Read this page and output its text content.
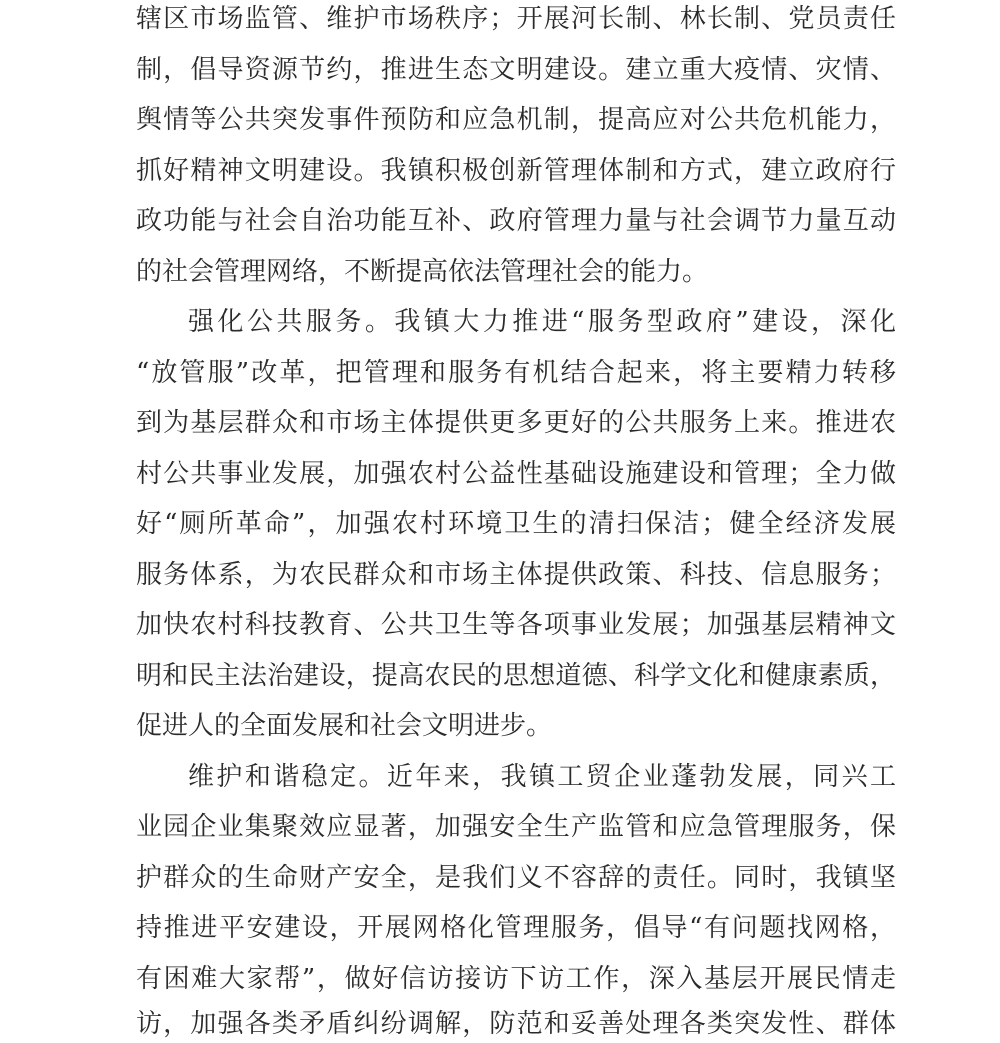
辖区市场监管、维护市场秩序；开展河长制、林长制、党员责任
制，倡导资源节约，推进生态文明建设。建立重大疫情、灾情、
舆情等公共突发事件预防和应急机制，提高应对公共危机能力，
抓好精神文明建设。我镇积极创新管理体制和方式，建立政府行
政功能与社会自治功能互补、政府管理力量与社会调节力量互动
的社会管理网络，不断提高依法管理社会的能力。
强化公共服务。我镇大力推进“服务型政府”建设，深化
“放管服”改革，把管理和服务有机结合起来，将主要精力转移
到为基层群众和市场主体提供更多更好的公共服务上来。推进农
村公共事业发展，加强农村公益性基础设施建设和管理；全力做
好“厕所革命”，加强农村环境卫生的清扫保洁；健全经济发展
服务体系，为农民群众和市场主体提供政策、科技、信息服务；
加快农村科技教育、公共卫生等各项事业发展；加强基层精神文
明和民主法治建设，提高农民的思想道德、科学文化和健康素质，
促进人的全面发展和社会文明进步。
维护和谐稳定。近年来，我镇工贸企业蓬勃发展，同兴工
业园企业集聚效应显著，加强安全生产监管和应急管理服务，保
护群众的生命财产安全，是我们义不容辞的责任。同时，我镇坚
持推进平安建设，开展网格化管理服务，倡导“有问题找网格，
有困难大家帮”，做好信访接访下访工作，深入基层开展民情走
访，加强各类矛盾纠纷调解，防范和妥善处理各类突发性、群体
